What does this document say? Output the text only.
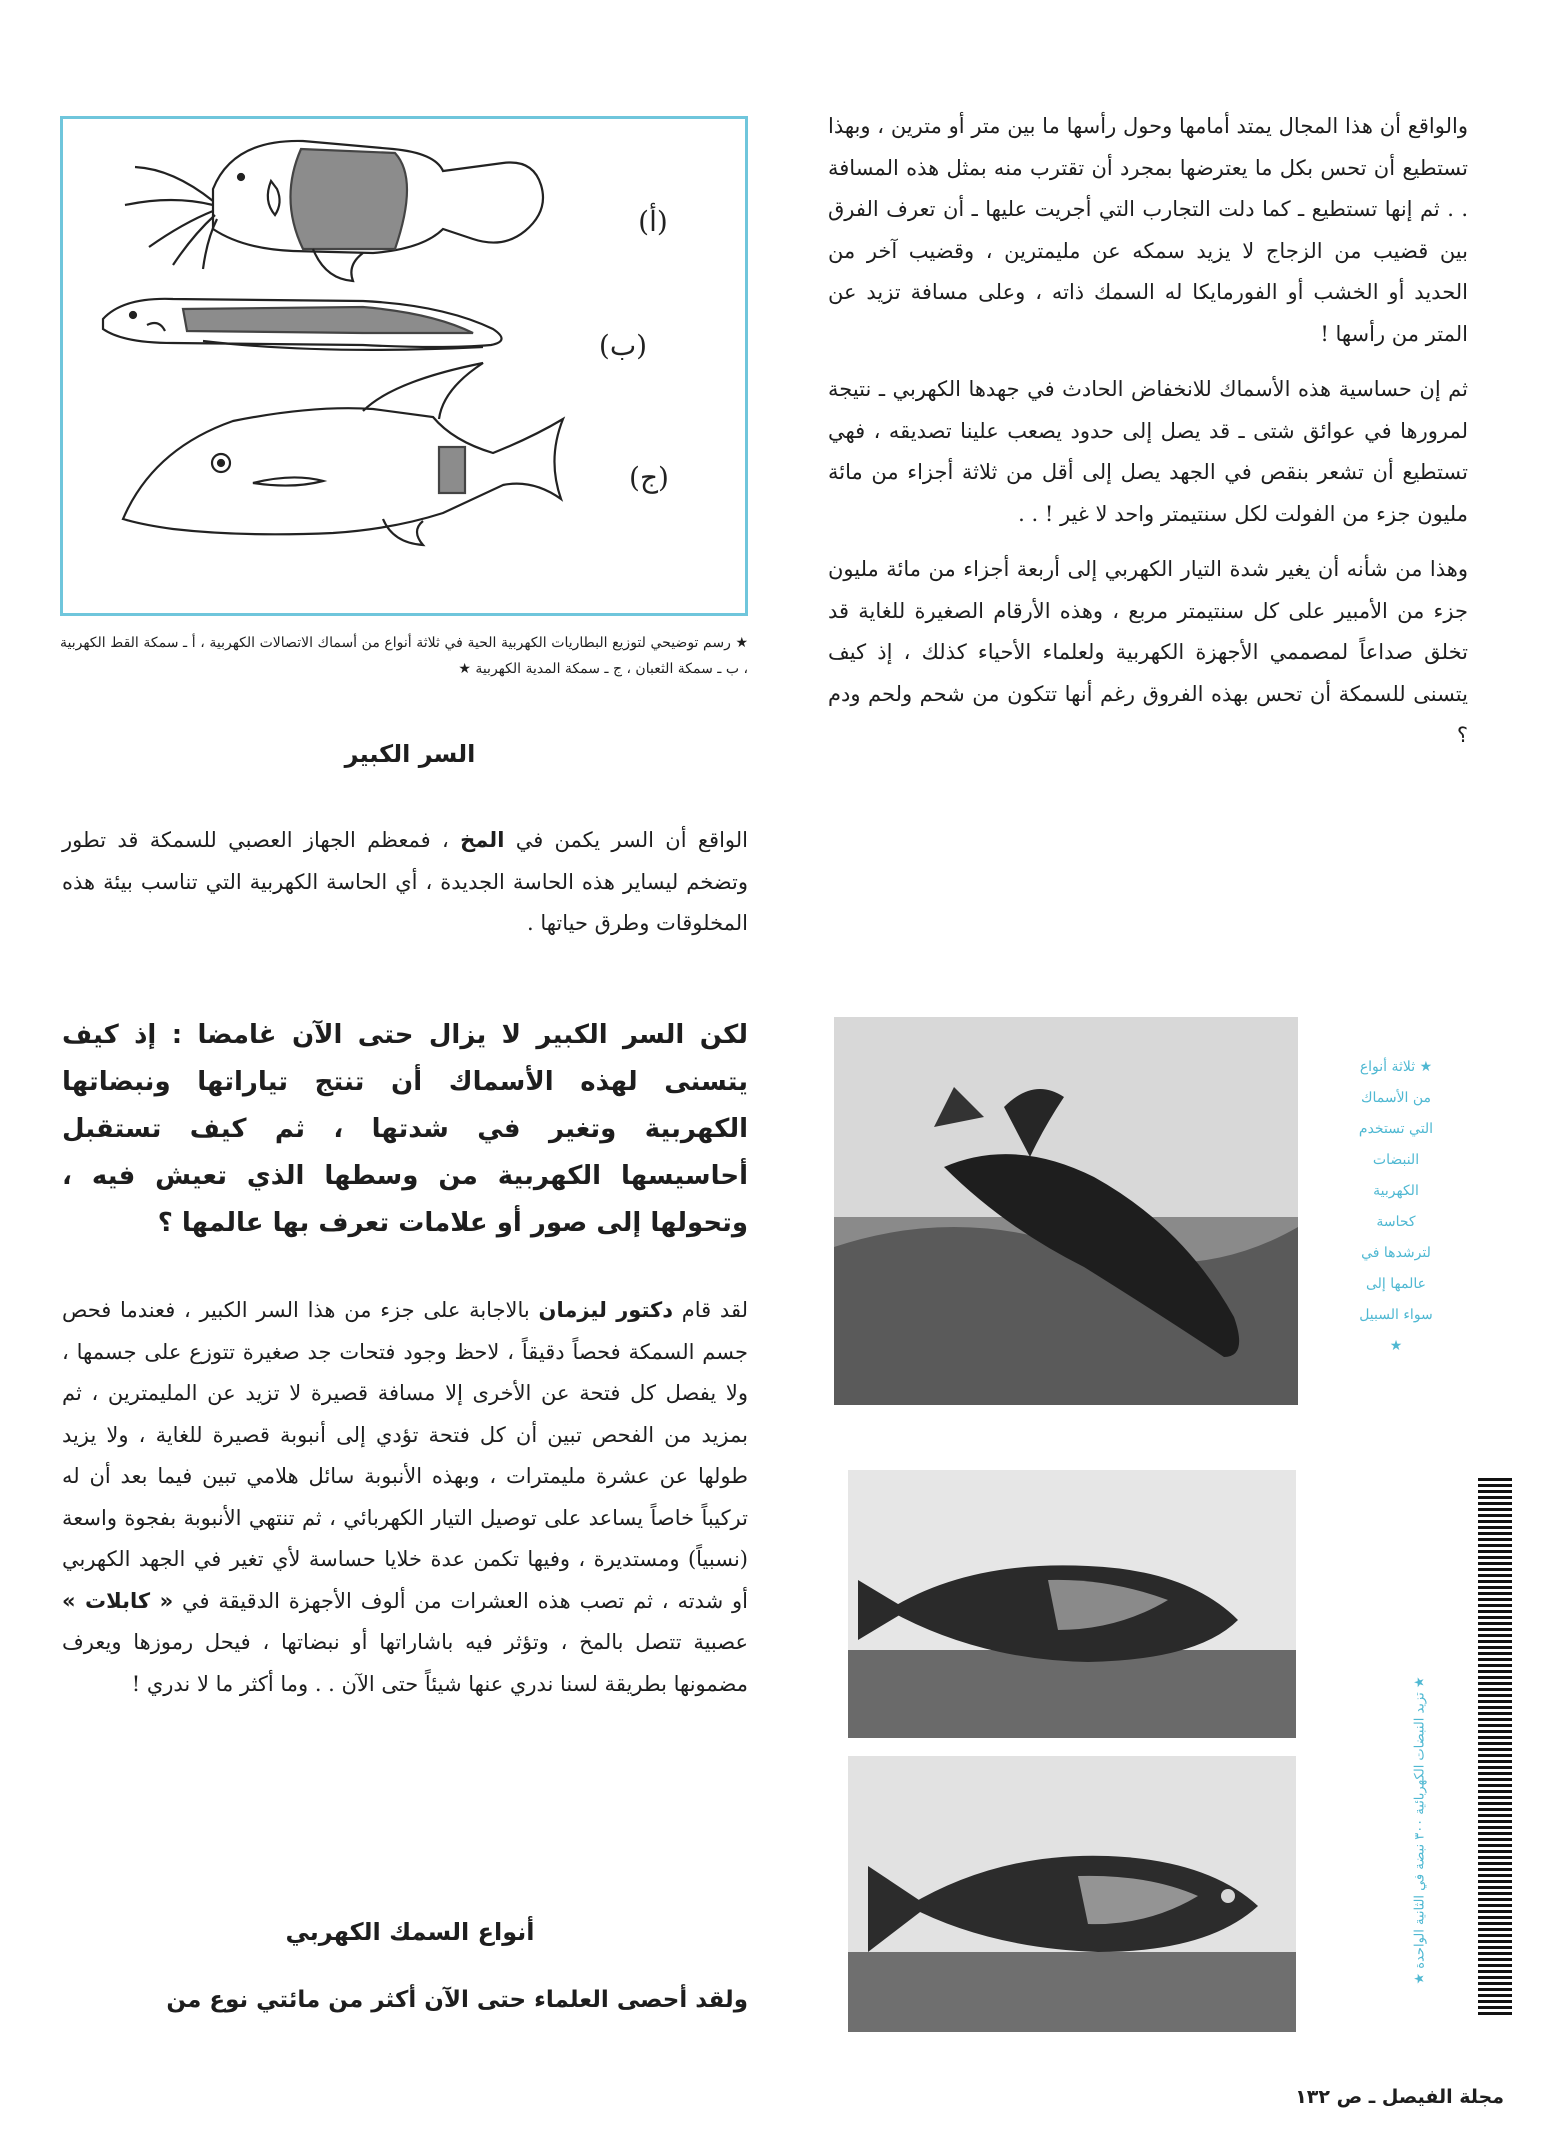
والواقع أن هذا المجال يمتد أمامها وحول رأسها ما بين متر أو مترين ، وبهذا تستطيع أن تحس بكل ما يعترضها بمجرد أن تقترب منه بمثل هذه المسافة . . ثم إنها تستطيع ـ كما دلت التجارب التي أجريت عليها ـ أن تعرف الفرق بين قضيب من الزجاج لا يزيد سمكه عن مليمترين ، وقضيب آخر من الحديد أو الخشب أو الفورمايكا له السمك ذاته ، وعلى مسافة تزيد عن المتر من رأسها !

ثم إن حساسية هذه الأسماك للانخفاض الحادث في جهدها الكهربي ـ نتيجة لمرورها في عوائق شتى ـ قد يصل إلى حدود يصعب علينا تصديقه ، فهي تستطيع أن تشعر بنقص في الجهد يصل إلى أقل من ثلاثة أجزاء من مائة مليون جزء من الفولت لكل سنتيمتر واحد لا غير ! . .

وهذا من شأنه أن يغير شدة التيار الكهربي إلى أربعة أجزاء من مائة مليون جزء من الأمبير على كل سنتيمتر مربع ، وهذه الأرقام الصغيرة للغاية قد تخلق صداعاً لمصممي الأجهزة الكهربية ولعلماء الأحياء كذلك ، إذ كيف يتسنى للسمكة أن تحس بهذه الفروق رغم أنها تتكون من شحم ولحم ودم ؟

(أ)
(ب)
(ج)

★ رسم توضيحي لتوزيع البطاريات الكهربية الحية في ثلاثة أنواع من أسماك الاتصالات الكهربية ، أ ـ سمكة القط الكهربية ، ب ـ سمكة الثعبان ، ج ـ سمكة المدية الكهربية ★

السر الكبير

الواقع أن السر يكمن في المخ ، فمعظم الجهاز العصبي للسمكة قد تطور وتضخم ليساير هذه الحاسة الجديدة ، أي الحاسة الكهربية التي تناسب بيئة هذه المخلوقات وطرق حياتها .

لكن السر الكبير لا يزال حتى الآن غامضا : إذ كيف يتسنى لهذه الأسماك أن تنتج تياراتها ونبضاتها الكهربية وتغير في شدتها ، ثم كيف تستقبل أحاسيسها الكهربية من وسطها الذي تعيش فيه ، وتحولها إلى صور أو علامات تعرف بها عالمها ؟

لقد قام دكتور ليزمان بالاجابة على جزء من هذا السر الكبير ، فعندما فحص جسم السمكة فحصاً دقيقاً ، لاحظ وجود فتحات جد صغيرة تتوزع على جسمها ، ولا يفصل كل فتحة عن الأخرى إلا مسافة قصيرة لا تزيد عن المليمترين ، ثم بمزيد من الفحص تبين أن كل فتحة تؤدي إلى أنبوبة قصيرة للغاية ، ولا يزيد طولها عن عشرة مليمترات ، وبهذه الأنبوبة سائل هلامي تبين فيما بعد أن له تركيباً خاصاً يساعد على توصيل التيار الكهربائي ، ثم تنتهي الأنبوبة بفجوة واسعة (نسبياً) ومستديرة ، وفيها تكمن عدة خلايا حساسة لأي تغير في الجهد الكهربي أو شدته ، ثم تصب هذه العشرات من ألوف الأجهزة الدقيقة في « كابلات » عصبية تتصل بالمخ ، وتؤثر فيه باشاراتها أو نبضاتها ، فيحل رموزها ويعرف مضمونها بطريقة لسنا ندري عنها شيئاً حتى الآن . . وما أكثر ما لا ندري !

أنواع السمك الكهربي

ولقد أحصى العلماء حتى الآن أكثر من مائتي نوع من

★ ثلاثة أنواع من الأسماك التي تستخدم النبضات الكهربية كحاسة لترشدها في عالمها إلى سواء السبيل ★

★ تزيد النبضات الكهربائية ٣٠٠ نبضة في الثانية الواحدة ★

مجلة الفيصل ـ ص ١٣٢
